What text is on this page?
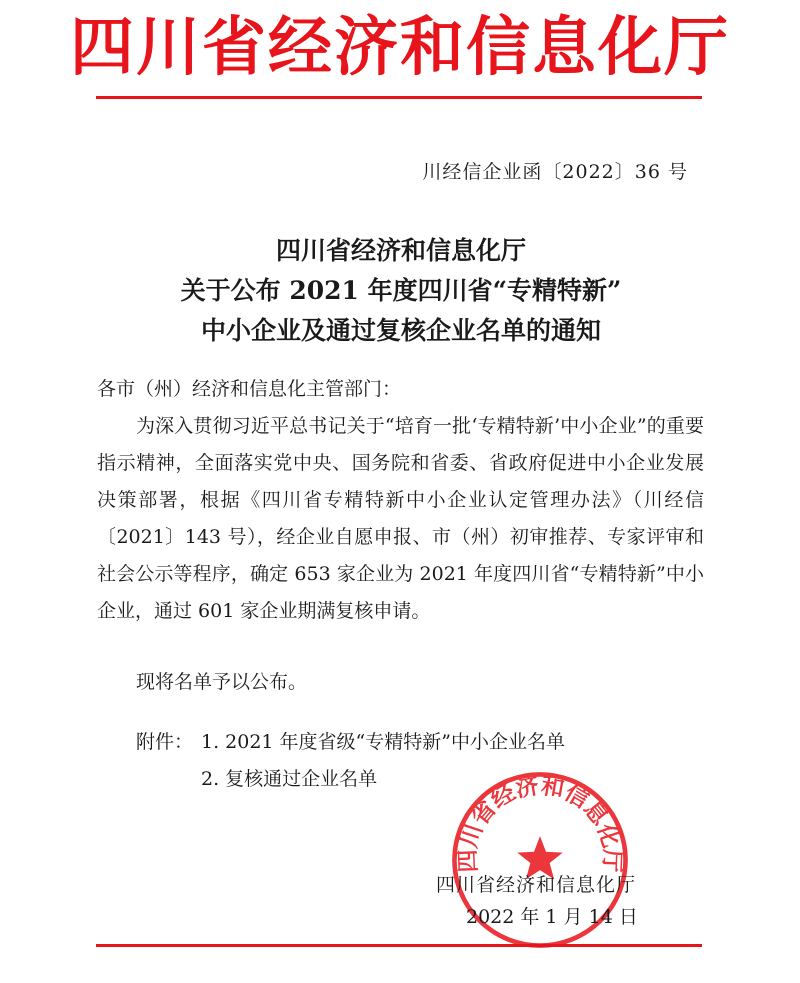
四川省经济和信息化厅
川经信企业函〔2022〕36 号
四川省经济和信息化厅
关于公布 2021 年度四川省“专精特新”
中小企业及通过复核企业名单的通知
各市（州）经济和信息化主管部门：
为深入贯彻习近平总书记关于“培育一批‘专精特新’中小企业”的重要指示精神，全面落实党中央、国务院和省委、省政府促进中小企业发展决策部署，根据《四川省专精特新中小企业认定管理办法》（川经信〔2021〕143 号），经企业自愿申报、市（州）初审推荐、专家评审和社会公示等程序，确定 653 家企业为 2021 年度四川省“专精特新”中小企业，通过 601 家企业期满复核申请。
现将名单予以公布。
附件： 1. 2021 年度省级“专精特新”中小企业名单
2. 复核通过企业名单
四川省经济和信息化厅
四川省经济和信息化厅
2022 年 1 月 14 日
